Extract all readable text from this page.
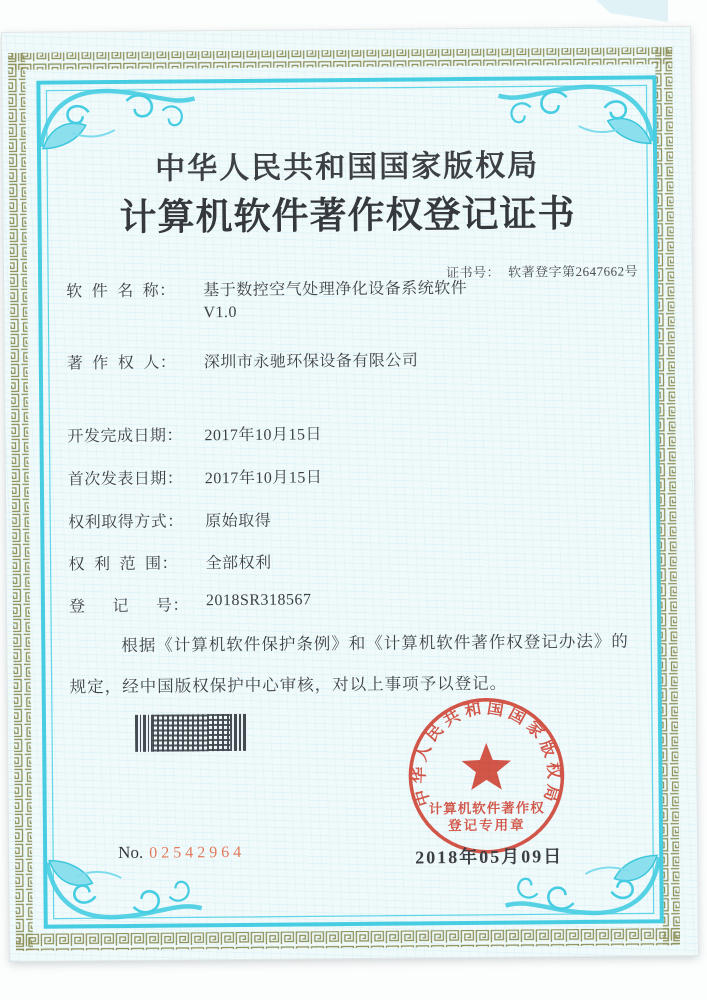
中华人民共和国国家版权局
计算机软件著作权登记证书

证书号： 软著登字第2647662号

软  件  名  称： 基于数控空气处理净化设备系统软件
V1.0
著  作  权  人： 深圳市永驰环保设备有限公司
开发完成日期： 2017年10月15日
首次发表日期： 2017年10月15日
权利取得方式： 原始取得
权  利  范  围： 全部权利
登      记      号： 2018SR318567
根据《计算机软件保护条例》和《计算机软件著作权登记办法》的
规定，经中国版权保护中心审核，对以上事项予以登记。
中华人民共和国国家版权局
计算机软件著作权
登记专用章
2018年05月09日
No. 02542964
